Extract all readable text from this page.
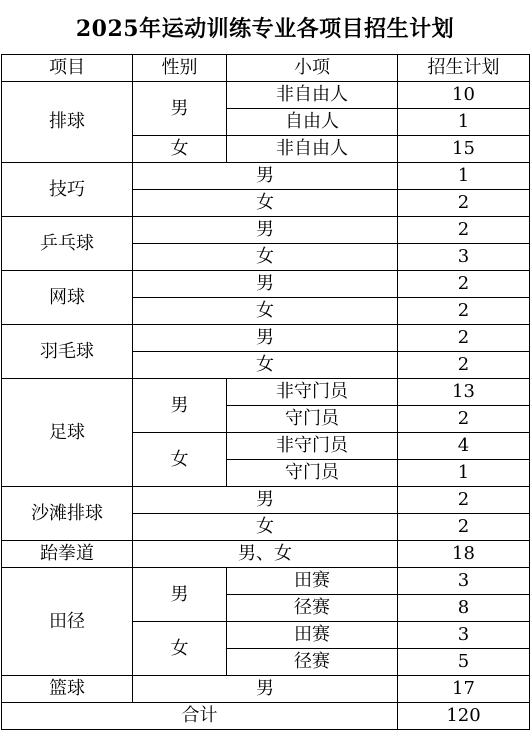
2025年运动训练专业各项目招生计划
项目	性别	小项	招生计划
排球	男	非自由人	10
		自由人	1
	女	非自由人	15
技巧	男		1
	女		2
乒乓球	男		2
	女		3
网球	男		2
	女		2
羽毛球	男		2
	女		2
足球	男	非守门员	13
		守门员	2
	女	非守门员	4
		守门员	1
沙滩排球	男		2
	女		2
跆拳道	男、女		18
田径	男	田赛	3
		径赛	8
	女	田赛	3
		径赛	5
篮球	男		17
合计			120
